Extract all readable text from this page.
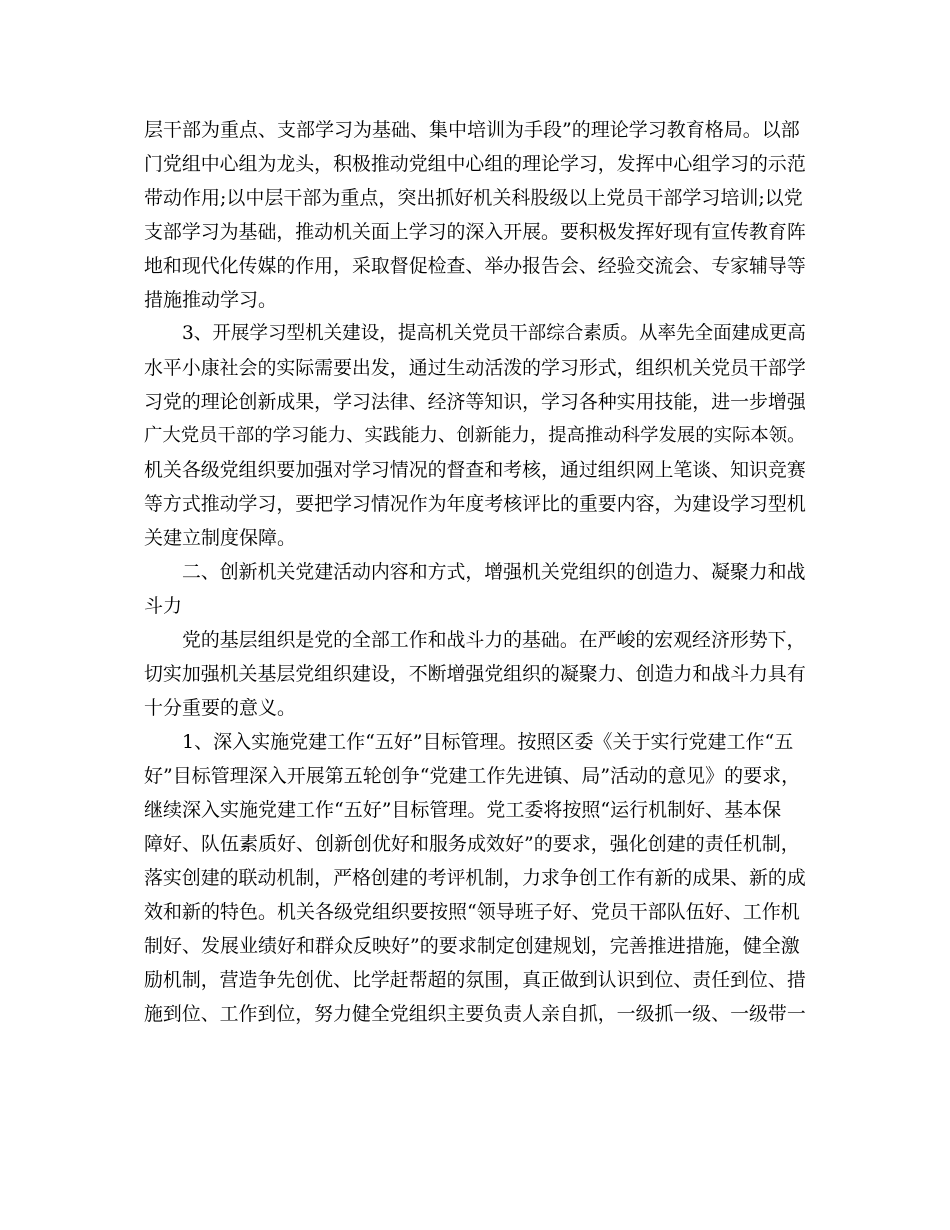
层干部为重点、支部学习为基础、集中培训为手段”的理论学习教育格局。以部

门党组中心组为龙头，积极推动党组中心组的理论学习，发挥中心组学习的示范

带动作用;以中层干部为重点，突出抓好机关科股级以上党员干部学习培训;以党

支部学习为基础，推动机关面上学习的深入开展。要积极发挥好现有宣传教育阵

地和现代化传媒的作用，采取督促检查、举办报告会、经验交流会、专家辅导等

措施推动学习。

3、开展学习型机关建设，提高机关党员干部综合素质。从率先全面建成更高

水平小康社会的实际需要出发，通过生动活泼的学习形式，组织机关党员干部学

习党的理论创新成果，学习法律、经济等知识，学习各种实用技能，进一步增强

广大党员干部的学习能力、实践能力、创新能力，提高推动科学发展的实际本领。

机关各级党组织要加强对学习情况的督查和考核，通过组织网上笔谈、知识竞赛

等方式推动学习，要把学习情况作为年度考核评比的重要内容，为建设学习型机

关建立制度保障。

二、创新机关党建活动内容和方式，增强机关党组织的创造力、凝聚力和战

斗力

党的基层组织是党的全部工作和战斗力的基础。在严峻的宏观经济形势下，

切实加强机关基层党组织建设，不断增强党组织的凝聚力、创造力和战斗力具有

十分重要的意义。

1、深入实施党建工作“五好”目标管理。按照区委《关于实行党建工作“五

好”目标管理深入开展第五轮创争“党建工作先进镇、局”活动的意见》的要求，

继续深入实施党建工作“五好”目标管理。党工委将按照“运行机制好、基本保

障好、队伍素质好、创新创优好和服务成效好”的要求，强化创建的责任机制，

落实创建的联动机制，严格创建的考评机制，力求争创工作有新的成果、新的成

效和新的特色。机关各级党组织要按照“领导班子好、党员干部队伍好、工作机

制好、发展业绩好和群众反映好”的要求制定创建规划，完善推进措施，健全激

励机制，营造争先创优、比学赶帮超的氛围，真正做到认识到位、责任到位、措

施到位、工作到位，努力健全党组织主要负责人亲自抓，一级抓一级、一级带一
